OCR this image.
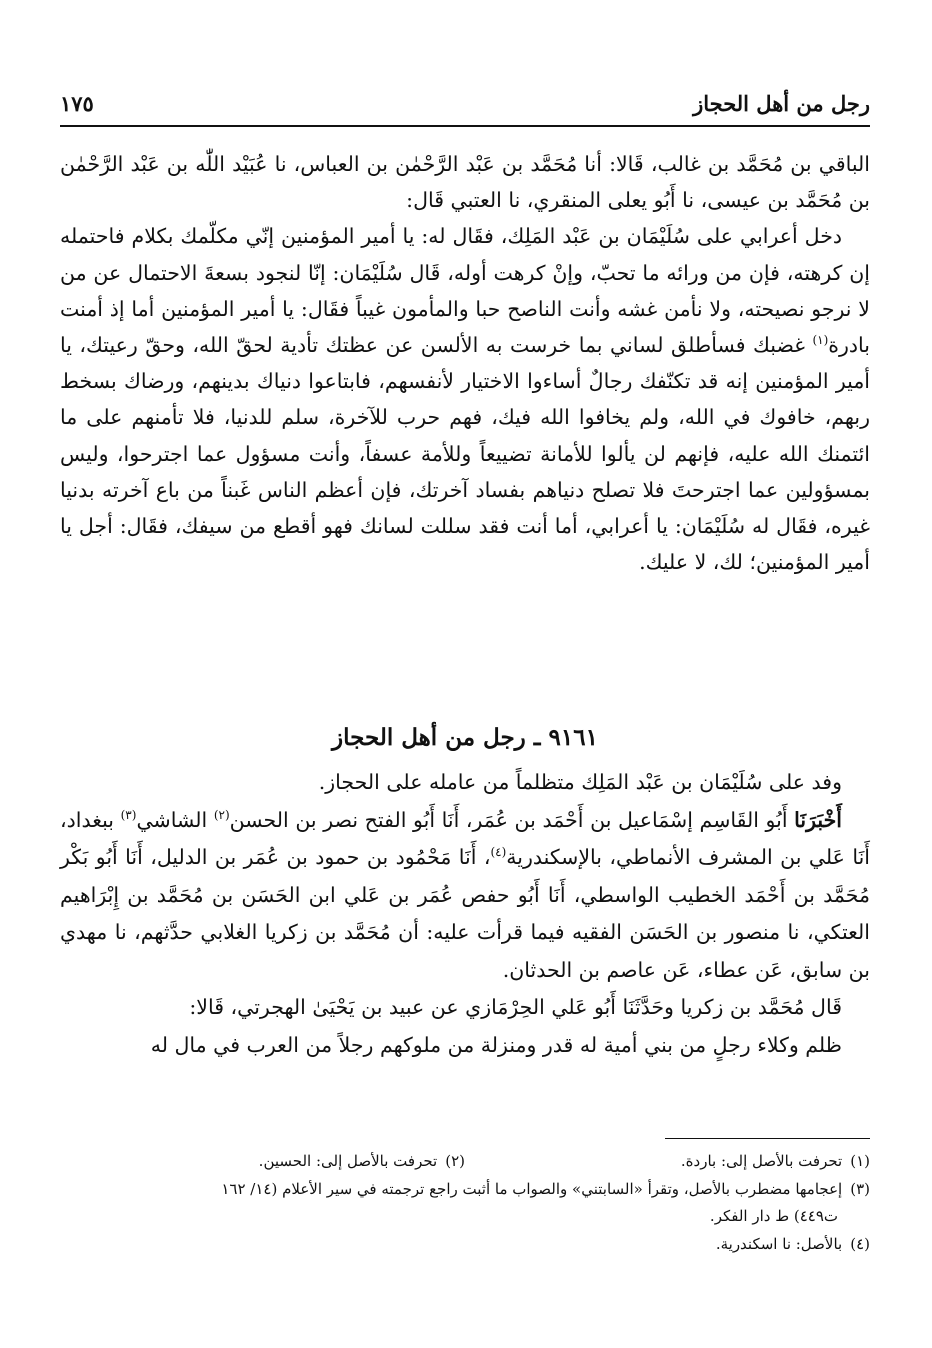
رجل من أهل الحجاز
١٧٥

الباقي بن مُحَمَّد بن غالب، قَالا: أنا مُحَمَّد بن عَبْد الرَّحْمٰن بن العباس، نا عُبَيْد اللّٰه بن عَبْد الرَّحْمٰن بن مُحَمَّد بن عيسى، نا أَبُو يعلى المنقري، نا العتبي قَال:

دخل أعرابي على سُلَيْمَان بن عَبْد المَلِك، فقَال له: يا أمير المؤمنين إنّي مكلّمك بكلام فاحتمله إن كرهته، فإن من ورائه ما تحبّ، وإنْ كرهت أوله، قَال سُلَيْمَان: إنّا لنجود بسعةَ الاحتمال عن من لا نرجو نصيحته، ولا نأمن غشه وأنت الناصح حبا والمأمون غيباً فقَال: يا أمير المؤمنين أما إذ أمنت بادرة$^{(١)}$ غضبك فسأطلق لساني بما خرست به الألسن عن عظتك تأدية لحقّ الله، وحقّ رعيتك، يا أمير المؤمنين إنه قد تكنّفك رجالٌ أساءوا الاختيار لأنفسهم، فابتاعوا دنياك بدينهم، ورضاك بسخط ربهم، خافوك في الله، ولم يخافوا الله فيك، فهم حرب للآخرة، سلم للدنيا، فلا تأمنهم على ما ائتمنك الله عليه، فإنهم لن يألوا للأمانة تضييعاً وللأمة عسفاً، وأنت مسؤول عما اجترحوا، وليس بمسؤولين عما اجترحتَ فلا تصلح دنياهم بفساد آخرتك، فإن أعظم الناس غَبناً من باع آخرته بدنيا غيره، فقَال له سُلَيْمَان: يا أعرابي، أما أنت فقد سللت لسانك فهو أقطع من سيفك، فقَال: أجل يا أمير المؤمنين؛ لك، لا عليك.

٩١٦١ ـ رجل من أهل الحجاز

وفد على سُلَيْمَان بن عَبْد المَلِك متظلماً من عامله على الحجاز.

أَخْبَرَنَا أَبُو القَاسِم إسْمَاعيل بن أَحْمَد بن عُمَر، أَنَا أَبُو الفتح نصر بن الحسن$^{(٢)}$ الشاشي$^{(٣)}$ ببغداد، أَنَا عَلي بن المشرف الأنماطي، بالإسكندرية$^{(٤)}$، أَنَا مَحْمُود بن حمود بن عُمَر بن الدليل، أَنَا أَبُو بَكْر مُحَمَّد بن أَحْمَد الخطيب الواسطي، أَنَا أَبُو حفص عُمَر بن عَلي ابن الحَسَن بن مُحَمَّد بن إِبْرَاهيم العتكي، نا منصور بن الحَسَن الفقيه فيما قرأت عليه: أن مُحَمَّد بن زكريا الغلابي حدَّثهم، نا مهدي بن سابق، عَن عطاء، عَن عاصم بن الحدثان.

قَال مُحَمَّد بن زكريا وحَدَّثَنَا أَبُو عَلي الحِرْمَازي عن عبيد بن يَحْيَىٰ الهجرتي، قَالا:

ظلم وكلاء رجلٍ من بني أمية له قدر ومنزلة من ملوكهم رجلاً من العرب في مال له

(١)تحرفت بالأصل إلى: باردة.
(٢)تحرفت بالأصل إلى: الحسين.
(٣)إعجامها مضطرب بالأصل، وتقرأ «السابتني» والصواب ما أثبت راجع ترجمته في سير الأعلام (١٤/ ١٦٢
ت٤٤٩) ط دار الفكر.
(٤)بالأصل: نا اسكندرية.
